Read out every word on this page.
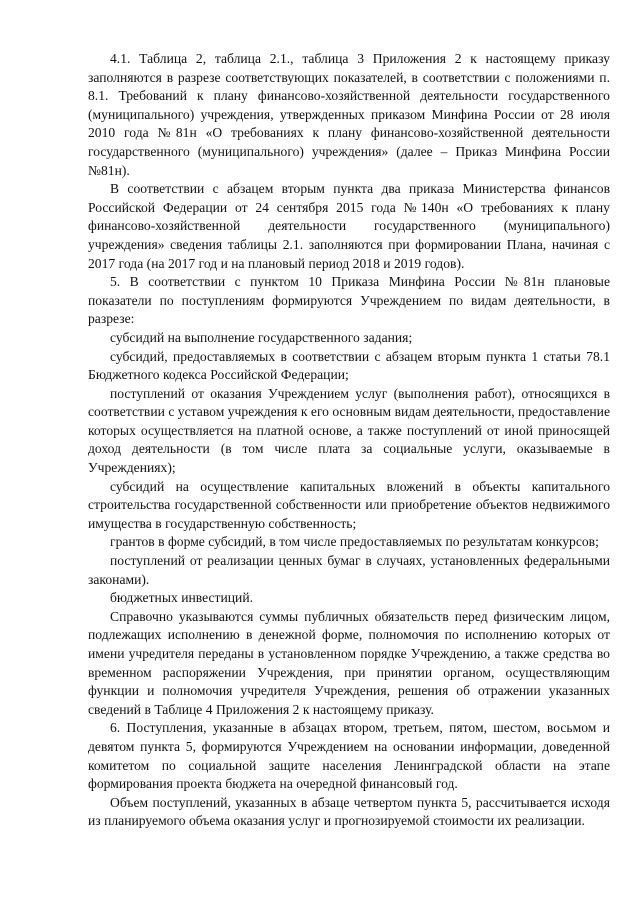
4.1. Таблица 2, таблица 2.1., таблица 3 Приложения 2 к настоящему приказу заполняются в разрезе соответствующих показателей, в соответствии с положениями п. 8.1. Требований к плану финансово-хозяйственной деятельности государственного (муниципального) учреждения, утвержденных приказом Минфина России от 28 июля 2010 года №81н «О требованиях к плану финансово-хозяйственной деятельности государственного (муниципального) учреждения» (далее – Приказ Минфина России №81н).

В соответствии с абзацем вторым пункта два приказа Министерства финансов Российской Федерации от 24 сентября 2015 года №140н «О требованиях к плану финансово-хозяйственной деятельности государственного (муниципального) учреждения» сведения таблицы 2.1. заполняются при формировании Плана, начиная с 2017 года (на 2017 год и на плановый период 2018 и 2019 годов).

5. В соответствии с пунктом 10 Приказа Минфина России №81н плановые показатели по поступлениям формируются Учреждением по видам деятельности, в разрезе:

субсидий на выполнение государственного задания;

субсидий, предоставляемых в соответствии с абзацем вторым пункта 1 статьи 78.1 Бюджетного кодекса Российской Федерации;

поступлений от оказания Учреждением услуг (выполнения работ), относящихся в соответствии с уставом учреждения к его основным видам деятельности, предоставление которых осуществляется на платной основе, а также поступлений от иной приносящей доход деятельности (в том числе плата за социальные услуги, оказываемые в Учреждениях);

субсидий на осуществление капитальных вложений в объекты капитального строительства государственной собственности или приобретение объектов недвижимого имущества в государственную собственность;

грантов в форме субсидий, в том числе предоставляемых по результатам конкурсов;

поступлений от реализации ценных бумаг в случаях, установленных федеральными законами).

бюджетных инвестиций.

Справочно указываются суммы публичных обязательств перед физическим лицом, подлежащих исполнению в денежной форме, полномочия по исполнению которых от имени учредителя переданы в установленном порядке Учреждению, а также средства во временном распоряжении Учреждения, при принятии органом, осуществляющим функции и полномочия учредителя Учреждения, решения об отражении указанных сведений в Таблице 4 Приложения 2 к настоящему приказу.

6. Поступления, указанные в абзацах втором, третьем, пятом, шестом, восьмом и девятом пункта 5, формируются Учреждением на основании информации, доведенной комитетом по социальной защите населения Ленинградской области на этапе формирования проекта бюджета на очередной финансовый год.

Объем поступлений, указанных в абзаце четвертом пункта 5, рассчитывается исходя из планируемого объема оказания услуг и прогнозируемой стоимости их реализации.
